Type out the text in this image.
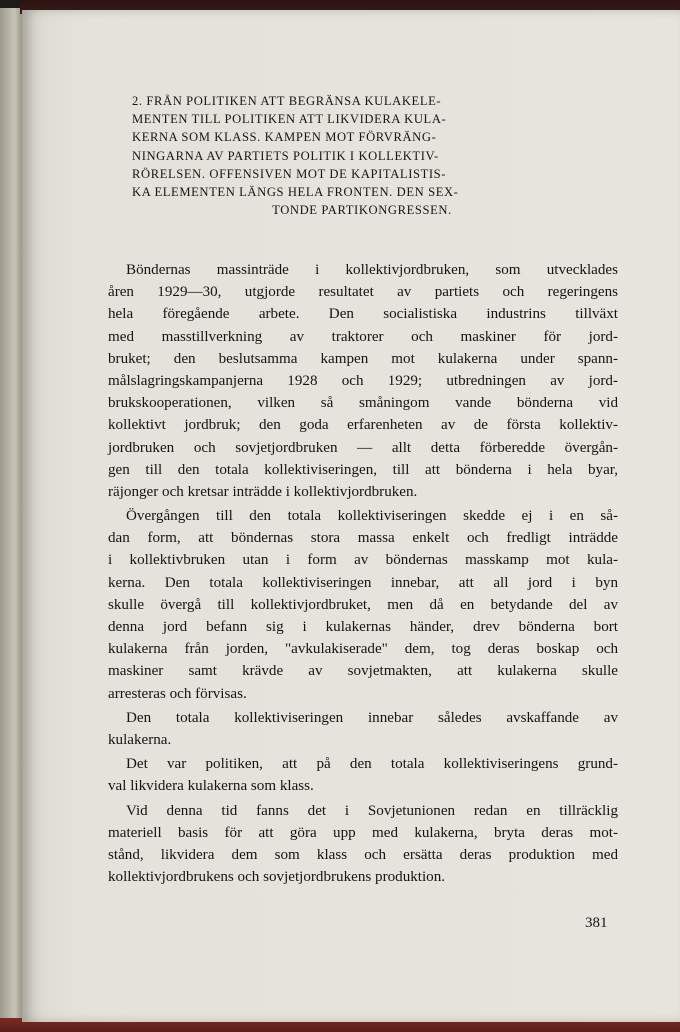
2. FRÅN POLITIKEN ATT BEGRÄNSA KULAKELE-
MENTEN TILL POLITIKEN ATT LIKVIDERA KULA-
KERNA SOM KLASS. KAMPEN MOT FÖRVRÄNG-
NINGARNA AV PARTIETS POLITIK I KOLLEKTIV-
RÖRELSEN. OFFENSIVEN MOT DE KAPITALISTIS-
KA ELEMENTEN LÄNGS HELA FRONTEN. DEN SEX-
TONDE PARTIKONGRESSEN.
Böndernas massinträde i kollektivjordbruken, som utvecklades
åren 1929—30, utgjorde resultatet av partiets och regeringens
hela föregående arbete. Den socialistiska industrins tillväxt
med masstillverkning av traktorer och maskiner för jord-
bruket; den beslutsamma kampen mot kulakerna under spann-
målslagringskampanjerna 1928 och 1929; utbredningen av jord-
brukskooperationen, vilken så småningom vande bönderna vid
kollektivt jordbruk; den goda erfarenheten av de första kollektiv-
jordbruken och sovjetjordbruken — allt detta förberedde övergån-
gen till den totala kollektiviseringen, till att bönderna i hela byar,
räjonger och kretsar inträdde i kollektivjordbruken.
Övergången till den totala kollektiviseringen skedde ej i en så-
dan form, att böndernas stora massa enkelt och fredligt inträdde
i kollektivbruken utan i form av böndernas masskamp mot kula-
kerna. Den totala kollektiviseringen innebar, att all jord i byn
skulle övergå till kollektivjordbruket, men då en betydande del av
denna jord befann sig i kulakernas händer, drev bönderna bort
kulakerna från jorden, "avkulakiserade" dem, tog deras boskap och
maskiner samt krävde av sovjetmakten, att kulakerna skulle
arresteras och förvisas.
Den totala kollektiviseringen innebar således avskaffande av
kulakerna.
Det var politiken, att på den totala kollektiviseringens grund-
val likvidera kulakerna som klass.
Vid denna tid fanns det i Sovjetunionen redan en tillräcklig
materiell basis för att göra upp med kulakerna, bryta deras mot-
stånd, likvidera dem som klass och ersätta deras produktion med
kollektivjordbrukens och sovjetjordbrukens produktion.
381
